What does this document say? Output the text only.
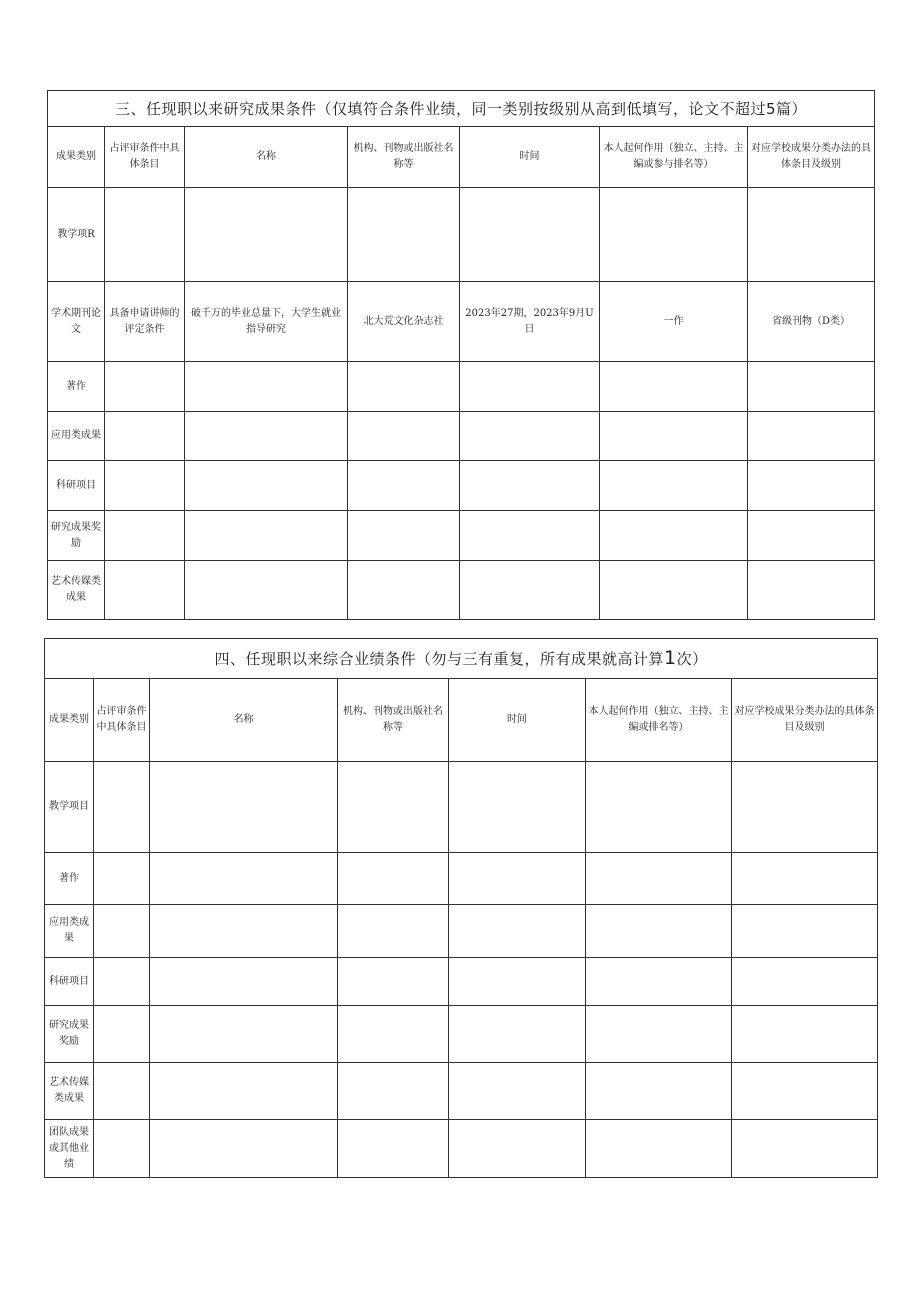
三、任现职以来研究成果条件（仅填符合条件业绩，同一类别按级别从高到低填写，论文不超过5篇）						
成果类别	占评审条件中具体条目	名称	机构、刊物或出版社名称等	时间	本人起何作用（独立、主持、主编或参与排名等）	对应学校成果分类办法的具体条目及级别
教学项R						
学术期刊论文	具备申请讲师的评定条件	破千万的毕业总量下，大学生就业指导研究	北大荒文化杂志社	2023年27期，2023年9月U日	一作	省级刊物（D类）
著作						
应用类成果						
科研项目						
研究成果奖励						
艺术传媒类成果						
四、任现职以来综合业绩条件（勿与三有重复，所有成果就高计算1次）						
成果类别	占评审条件中具体条目	名称	机构、刊物或出版社名称等	时间	本人起何作用（独立、主持、主编或排名等）	对应学校成果分类办法的具体条目及级别
教学项目						
著作						
应用类成果						
科研项目						
研究成果奖励						
艺术传媒类成果						
团队成果或其他业绩						
